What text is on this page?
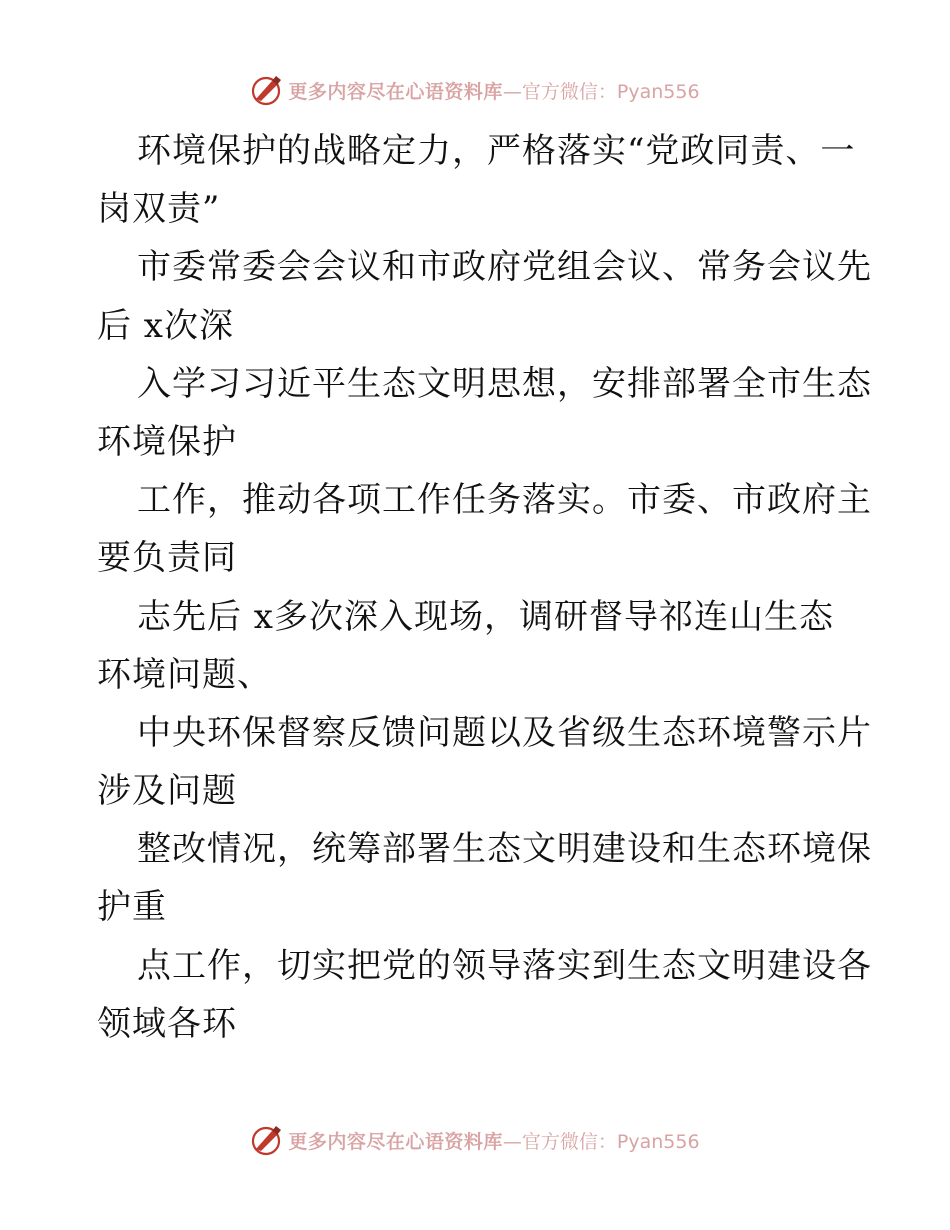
更多内容尽在心语资料库 —官方微信：Pyan556
环境保护的战略定力，严格落实“党政同责、一
岗双责”
市委常委会会议和市政府党组会议、常务会议先
后 x次深
入学习习近平生态文明思想，安排部署全市生态
环境保护
工作，推动各项工作任务落实。市委、市政府主
要负责同
志先后 x多次深入现场，调研督导祁连山生态
环境问题、
中央环保督察反馈问题以及省级生态环境警示片
涉及问题
整改情况，统筹部署生态文明建设和生态环境保
护重
点工作，切实把党的领导落实到生态文明建设各
领域各环
更多内容尽在心语资料库 —官方微信：Pyan556
